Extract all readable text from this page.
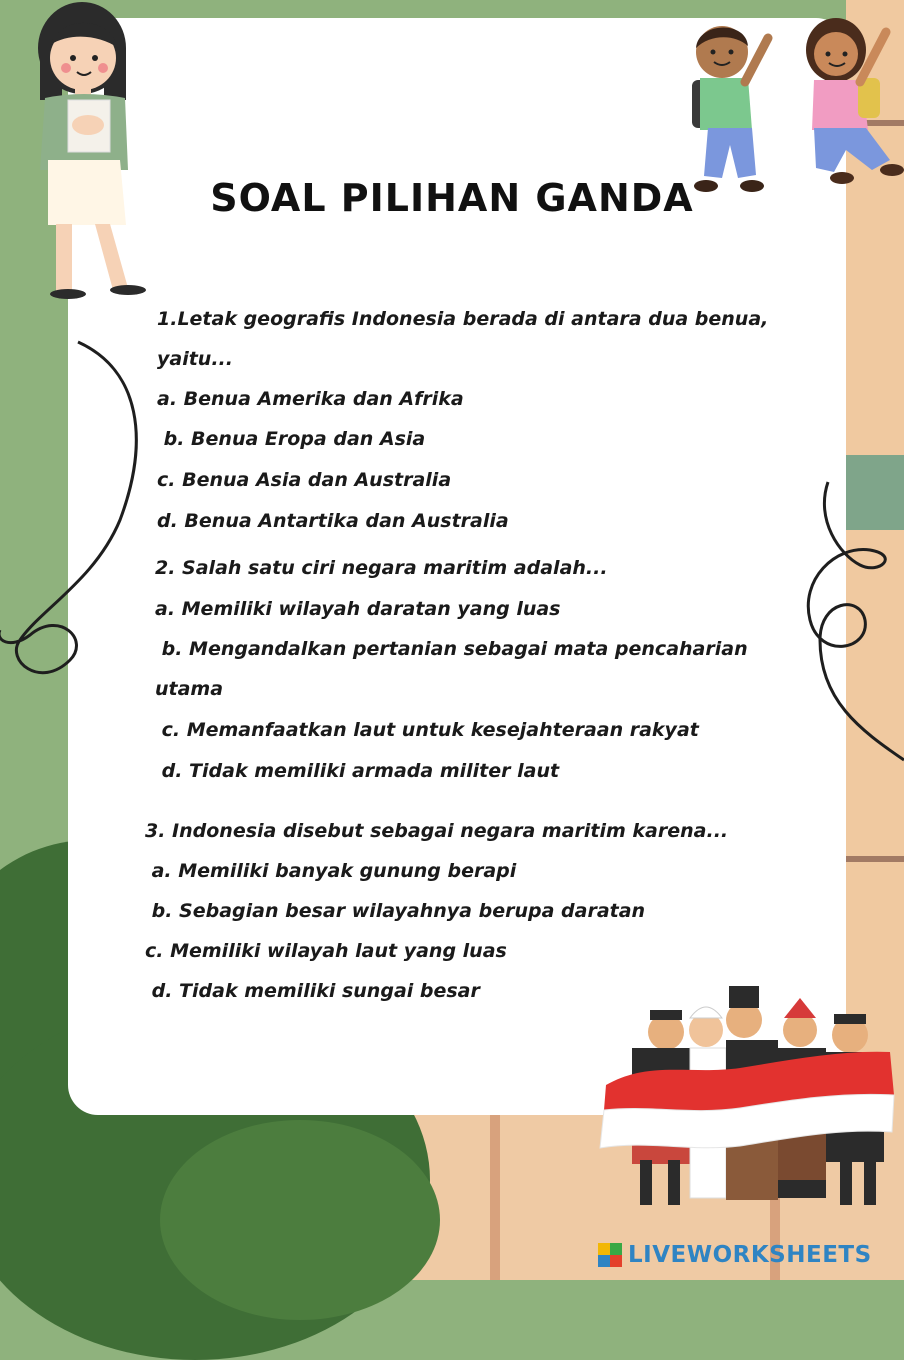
SOAL PILIHAN GANDA

1.Letak geografis Indonesia berada di antara dua benua,

yaitu...

a. Benua Amerika dan Afrika

b. Benua Eropa dan Asia

c. Benua Asia dan Australia

d. Benua Antartika dan Australia

2. Salah satu ciri negara maritim adalah...

a. Memiliki wilayah daratan yang luas

b. Mengandalkan pertanian sebagai mata pencaharian

utama

c. Memanfaatkan laut untuk kesejahteraan rakyat

d. Tidak memiliki armada militer laut

3. Indonesia disebut sebagai negara maritim karena...

a. Memiliki banyak gunung berapi

b. Sebagian besar wilayahnya berupa daratan

c. Memiliki wilayah laut yang luas

d. Tidak memiliki sungai besar

LIVEWORKSHEETS
